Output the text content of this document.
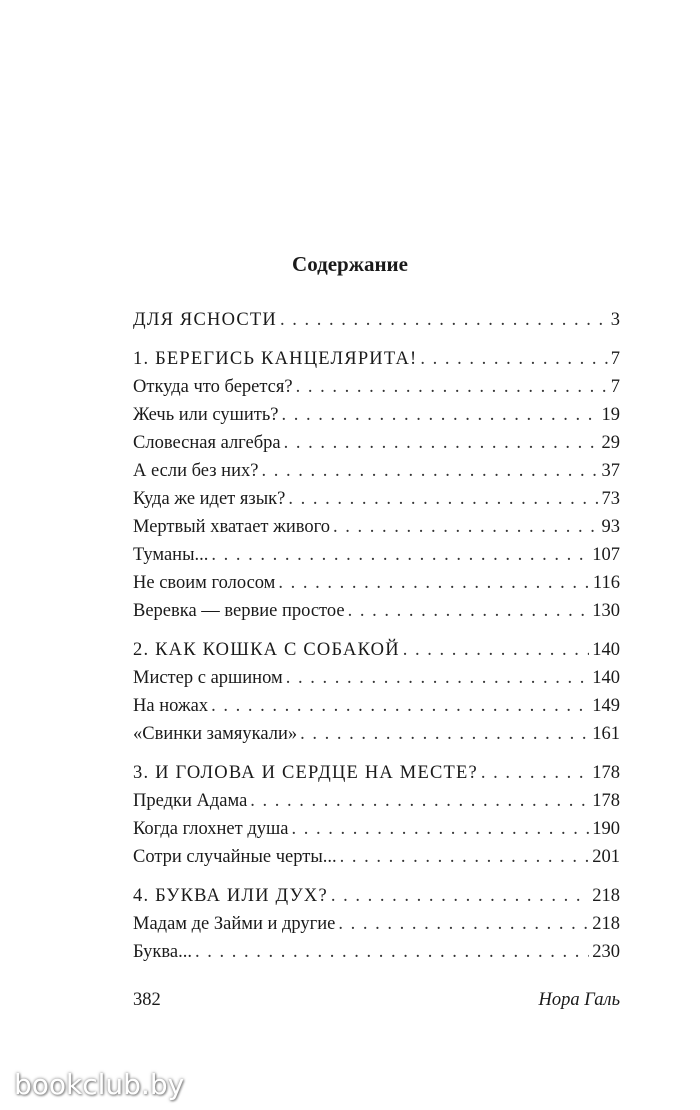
Содержание
ДЛЯ ЯСНОСТИ . . .	3
1. БЕРЕГИСЬ КАНЦЕЛЯРИТА! . . .	7
Откуда что берется? . . .	7
Жечь или сушить? . . .	19
Словесная алгебра . . .	29
А если без них? . . .	37
Куда же идет язык? . . .	73
Мертвый хватает живого . . .	93
Туманы... . . .	107
Не своим голосом . . .	116
Веревка — вервие простое . . .	130
2. КАК КОШКА С СОБАКОЙ . . .	140
Мистер с аршином . . .	140
На ножах . . .	149
«Свинки замяукали» . . .	161
3. И ГОЛОВА И СЕРДЦЕ НА МЕСТЕ? . . .	178
Предки Адама . . .	178
Когда глохнет душа . . .	190
Сотри случайные черты... . . .	201
4. БУКВА ИЛИ ДУХ? . . .	218
Мадам де Займи и другие . . .	218
Буква... . . .	230
382	Нора Галь
bookclub.by
